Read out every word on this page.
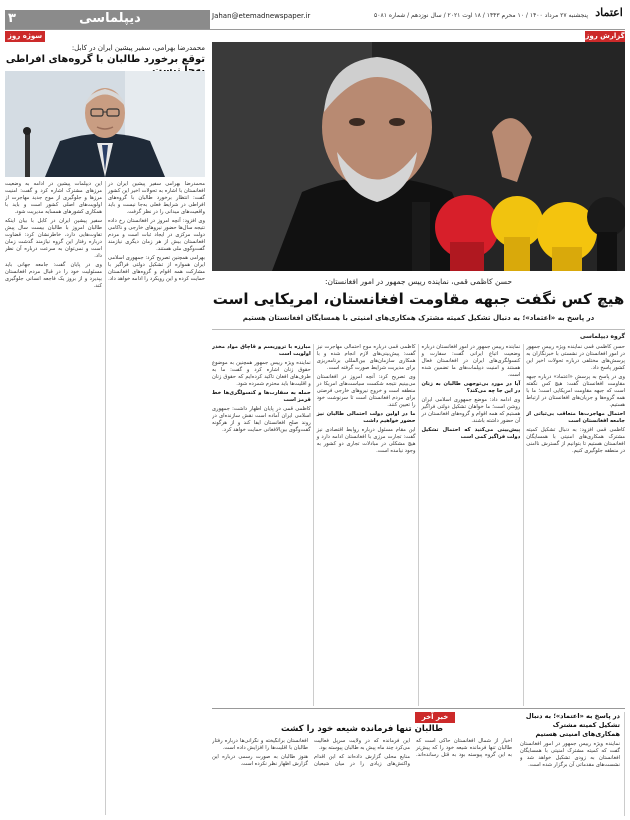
۳	دیپلماسی	Jahan@etemadnewspaper.ir	پنجشنبه ۲۷ مرداد ۱۴۰۰ / ۱۰ محرم ۱۴۴۳ / ۱۸ اوت ۲۰۲۱ / سال نوزدهم / شماره ۵۰۸۱ اعتماد
سوژه روز	گزارش روز
محمدرضا بهرامی، سفیر پیشین ایران در کابل:
توقع برخورد طالبان با گروه‌های افراطی

محمدرضا بهرامی سفیر پیشین ایران در افغانستان با اشاره به تحولات اخیر این کشور گفت: انتظار برخورد طالبان با گروه‌های افراطی در شرایط فعلی به‌جا نیست و باید واقعیت‌های میدانی را در نظر گرفت.

وی افزود: آنچه امروز در افغانستان رخ داده نتیجه سال‌ها حضور نیروهای خارجی و ناکامی دولت مرکزی در ایجاد ثبات است و مردم افغانستان بیش از هر زمان دیگری نیازمند گفت‌وگوی ملی هستند.

بهرامی همچنین تصریح کرد: جمهوری اسلامی ایران همواره از تشکیل دولتی فراگیر با مشارکت همه اقوام و گروه‌های افغانستان حمایت کرده و این رویکرد را ادامه خواهد داد.

این دیپلمات پیشین در ادامه به وضعیت مرزهای مشترک اشاره کرد و گفت: امنیت مرزها و جلوگیری از موج جدید مهاجرت از اولویت‌های اصلی کشور است و باید با همکاری کشورهای همسایه مدیریت شود.

سفیر پیشین ایران در کابل با بیان اینکه طالبان امروز با طالبان بیست سال پیش تفاوت‌هایی دارد، خاطرنشان کرد: قضاوت درباره رفتار این گروه نیازمند گذشت زمان است و نمی‌توان به سرعت درباره آن نظر داد.

وی در پایان گفت: جامعه جهانی باید مسئولیت خود را در قبال مردم افغانستان بپذیرد و از بروز یک فاجعه انسانی جلوگیری کند.	حسن کاظمی قمی، نماینده رییس جمهور در امور افغانستان:
هیچ کس نگفت جبهه مقاومت افغانستان، امریکایی است
در پاسخ به «اعتماد»؛ به دنبال تشکیل کمیته مشترک همکاری‌های امنیتی با همسایگان افغانستان هستیم
گروه دیپلماسی

حسن کاظمی قمی نماینده ویژه رییس جمهور در امور افغانستان در نشستی با خبرنگاران به پرسش‌های مختلفی درباره تحولات اخیر این کشور پاسخ داد.

وی در پاسخ به پرسش «اعتماد» درباره جبهه مقاومت افغانستان گفت: هیچ کس نگفته است که جبهه مقاومت امریکایی است؛ ما با همه گروه‌ها و جریان‌های افغانستان در ارتباط هستیم.

احتمال مهاجرت‌ها متعاقب بی‌ثباتی از جامعه افغانستان است

کاظمی قمی افزود: به دنبال تشکیل کمیته مشترک همکاری‌های امنیتی با همسایگان افغانستان هستیم تا بتوانیم از گسترش ناامنی در منطقه جلوگیری کنیم.

نماینده رییس جمهور در امور افغانستان درباره وضعیت اتباع ایرانی گفت: سفارت و کنسولگری‌های ایران در افغانستان فعال هستند و امنیت دیپلمات‌های ما تضمین شده است.

آیا در مورد بی‌توجهی طالبان به زنان در این جا چه می‌کند؟

وی ادامه داد: موضع جمهوری اسلامی ایران روشن است؛ ما خواهان تشکیل دولتی فراگیر هستیم که همه اقوام و گروه‌های افغانستان در آن حضور داشته باشند.

پیش‌بینی می‌کنید که احتمال تشکیل دولت فراگیر کمی است

کاظمی قمی درباره موج احتمالی مهاجرت نیز گفت: پیش‌بینی‌های لازم انجام شده و با همکاری سازمان‌های بین‌المللی برنامه‌ریزی برای مدیریت شرایط صورت گرفته است.

وی تصریح کرد: آنچه امروز در افغانستان می‌بینیم نتیجه شکست سیاست‌های امریکا در منطقه است و خروج نیروهای خارجی فرصتی برای مردم افغانستان است تا سرنوشت خود را تعیین کنند.

ما در اولین دولت احتمالی طالبان نیز حضور خواهیم داشت

این مقام مسئول درباره روابط اقتصادی نیز گفت: تجارت مرزی با افغانستان ادامه دارد و هیچ مشکلی در مبادلات تجاری دو کشور به وجود نیامده است.

مبارزه با تروریسم و قاچاق مواد مخدر اولویت است

نماینده ویژه رییس جمهور همچنین به موضوع حقوق زنان اشاره کرد و گفت: ما به طرف‌های افغان تاکید کرده‌ایم که حقوق زنان و اقلیت‌ها باید محترم شمرده شود.

حمله به سفارت‌ها و کنسولگری‌ها خط قرمز است

کاظمی قمی در پایان اظهار داشت: جمهوری اسلامی ایران آماده است نقش سازنده‌ای در روند صلح افغانستان ایفا کند و از هرگونه گفت‌وگوی بین‌الافغانی حمایت خواهد کرد.

خبر آخر
طالبان تنها فرمانده شیعه خود را کشت

اخبار از شمال افغانستان حاکی است که طالبان تنها فرمانده شیعه خود را که پیش‌تر به این گروه پیوسته بود به قتل رسانده‌اند. این فرمانده که در ولایت سرپل فعالیت می‌کرد چند ماه پیش به طالبان پیوسته بود.

منابع محلی گزارش داده‌اند که این اقدام واکنش‌های زیادی را در میان شیعیان افغانستان برانگیخته و نگرانی‌ها درباره رفتار طالبان با اقلیت‌ها را افزایش داده است.

هنوز طالبان به صورت رسمی درباره این گزارش اظهار نظر نکرده است.

در پاسخ به «اعتماد»؛ به دنبال تشکیل کمیته مشترک همکاری‌های امنیتی هستیم
نماینده ویژه رییس جمهور در امور افغانستان گفت که کمیته مشترک امنیتی با همسایگان افغانستان به زودی تشکیل خواهد شد و نشست‌های مقدماتی آن برگزار شده است.
